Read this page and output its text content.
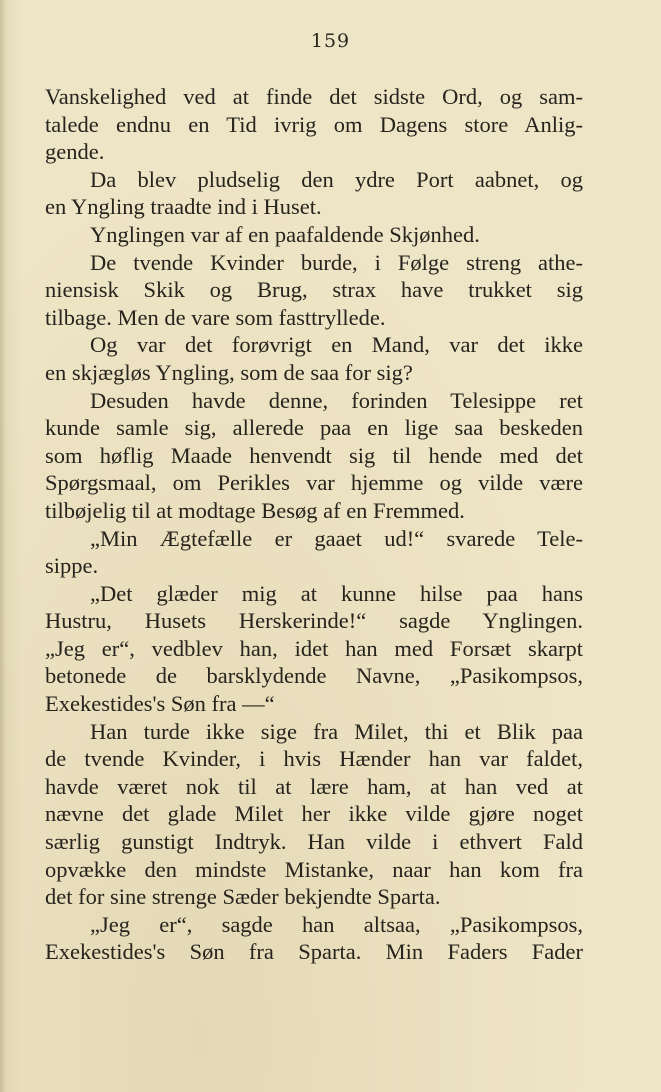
159
Vanskelighed ved at finde det sidste Ord, og sam-
talede endnu en Tid ivrig om Dagens store Anlig-
gende.
Da blev pludselig den ydre Port aabnet, og
en Yngling traadte ind i Huset.
Ynglingen var af en paafaldende Skjønhed.
De tvende Kvinder burde, i Følge streng athe-
niensisk Skik og Brug, strax have trukket sig
tilbage. Men de vare som fasttryllede.
Og var det forøvrigt en Mand, var det ikke
en skjægløs Yngling, som de saa for sig?
Desuden havde denne, forinden Telesippe ret
kunde samle sig, allerede paa en lige saa beskeden
som høflig Maade henvendt sig til hende med det
Spørgsmaal, om Perikles var hjemme og vilde være
tilbøjelig til at modtage Besøg af en Fremmed.
„Min Ægtefælle er gaaet ud!“ svarede Tele-
sippe.
„Det glæder mig at kunne hilse paa hans
Hustru, Husets Herskerinde!“ sagde Ynglingen.
„Jeg er“, vedblev han, idet han med Forsæt skarpt
betonede de barsklydende Navne, „Pasikompsos,
Exekestides's Søn fra —“
Han turde ikke sige fra Milet, thi et Blik paa
de tvende Kvinder, i hvis Hænder han var faldet,
havde været nok til at lære ham, at han ved at
nævne det glade Milet her ikke vilde gjøre noget
særlig gunstigt Indtryk. Han vilde i ethvert Fald
opvække den mindste Mistanke, naar han kom fra
det for sine strenge Sæder bekjendte Sparta.
„Jeg er“, sagde han altsaa, „Pasikompsos,
Exekestides's Søn fra Sparta. Min Faders Fader
